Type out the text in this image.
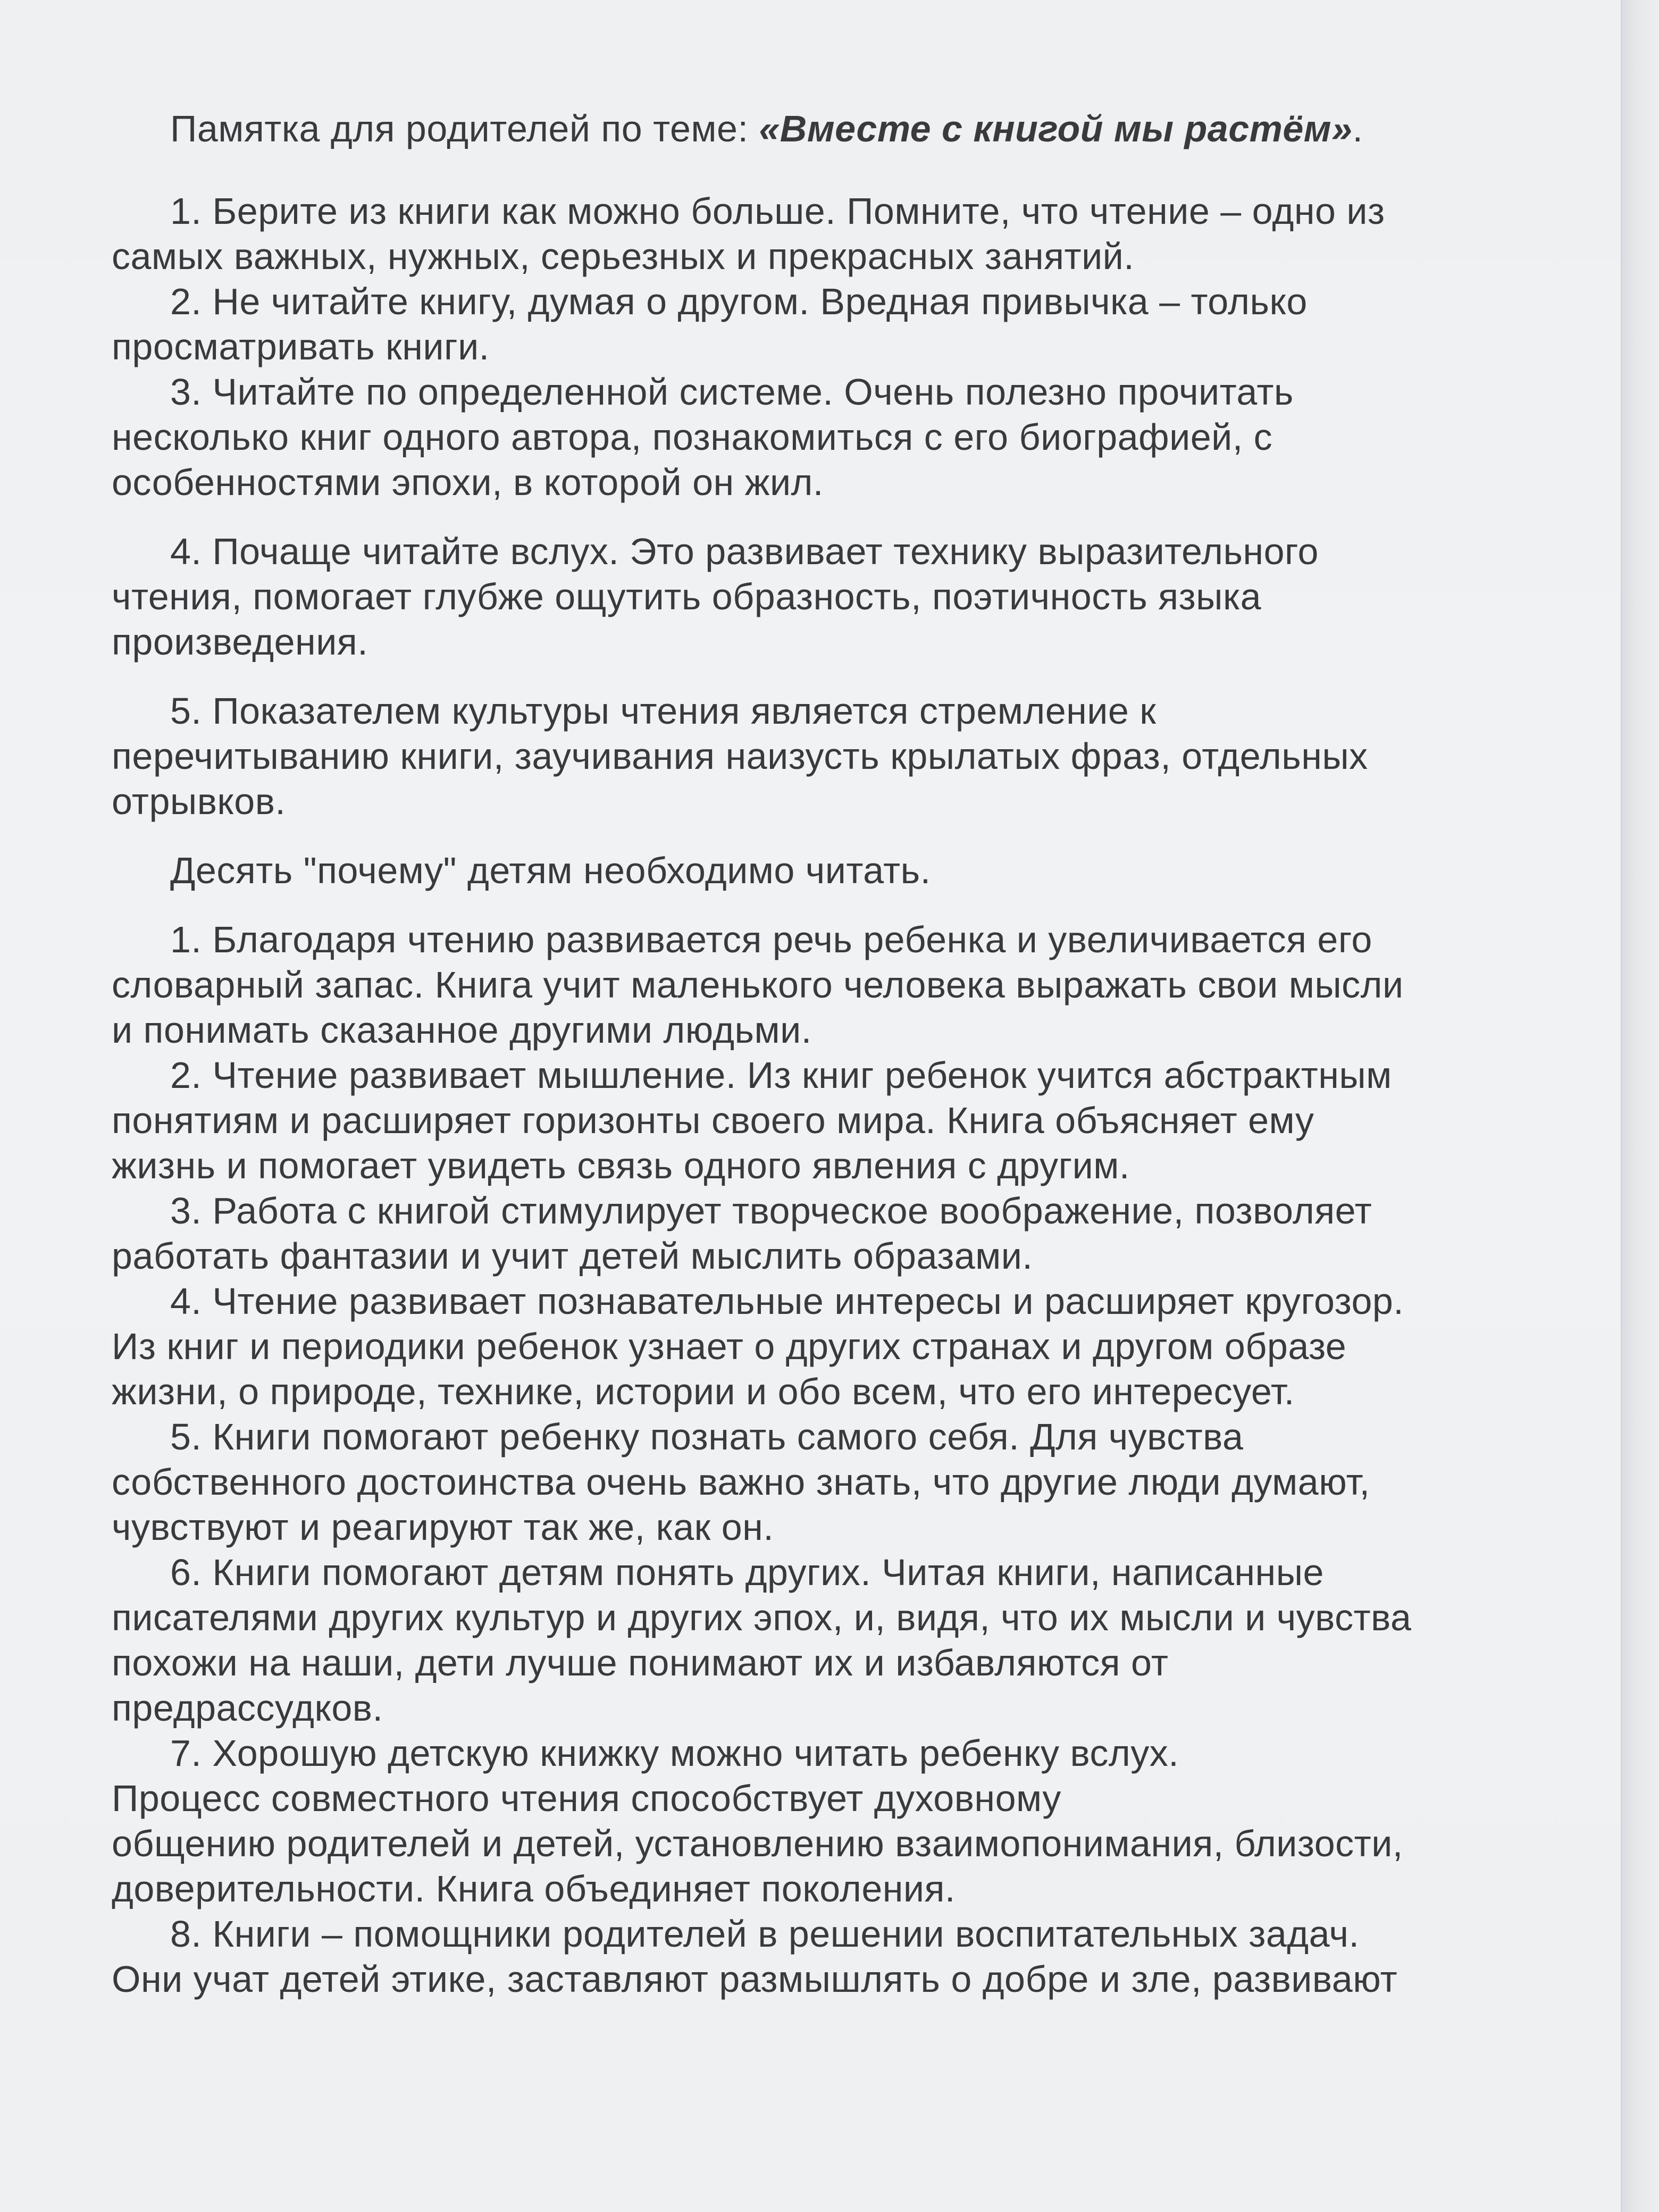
Памятка для родителей по теме: «Вместе с книгой мы растём».
1. Берите из книги как можно больше. Помните, что чтение – одно из
самых важных, нужных, серьезных и прекрасных занятий.
2. Не читайте книгу, думая о другом. Вредная привычка – только
просматривать книги.
3. Читайте по определенной системе. Очень полезно прочитать
несколько книг одного автора, познакомиться с его биографией, с
особенностями эпохи, в которой он жил.
4. Почаще читайте вслух. Это развивает технику выразительного
чтения, помогает глубже ощутить образность, поэтичность языка
произведения.
5. Показателем культуры чтения является стремление к
перечитыванию книги, заучивания наизусть крылатых фраз, отдельных
отрывков.
Десять "почему" детям необходимо читать.
1. Благодаря чтению развивается речь ребенка и увеличивается его
словарный запас. Книга учит маленького человека выражать свои мысли
и понимать сказанное другими людьми.
2. Чтение развивает мышление. Из книг ребенок учится абстрактным
понятиям и расширяет горизонты своего мира. Книга объясняет ему
жизнь и помогает увидеть связь одного явления с другим.
3. Работа с книгой стимулирует творческое воображение, позволяет
работать фантазии и учит детей мыслить образами.
4. Чтение развивает познавательные интересы и расширяет кругозор.
Из книг и периодики ребенок узнает о других странах и другом образе
жизни, о природе, технике, истории и обо всем, что его интересует.
5. Книги помогают ребенку познать самого себя. Для чувства
собственного достоинства очень важно знать, что другие люди думают,
чувствуют и реагируют так же, как он.
6. Книги помогают детям понять других. Читая книги, написанные
писателями других культур и других эпох, и, видя, что их мысли и чувства
похожи на наши, дети лучше понимают их и избавляются от
предрассудков.
7. Хорошую детскую книжку можно читать ребенку вслух.
Процесс совместного чтения способствует духовному
общению родителей и детей, установлению взаимопонимания, близости,
доверительности. Книга объединяет поколения.
8. Книги – помощники родителей в решении воспитательных задач.
Они учат детей этике, заставляют размышлять о добре и зле, развивают
